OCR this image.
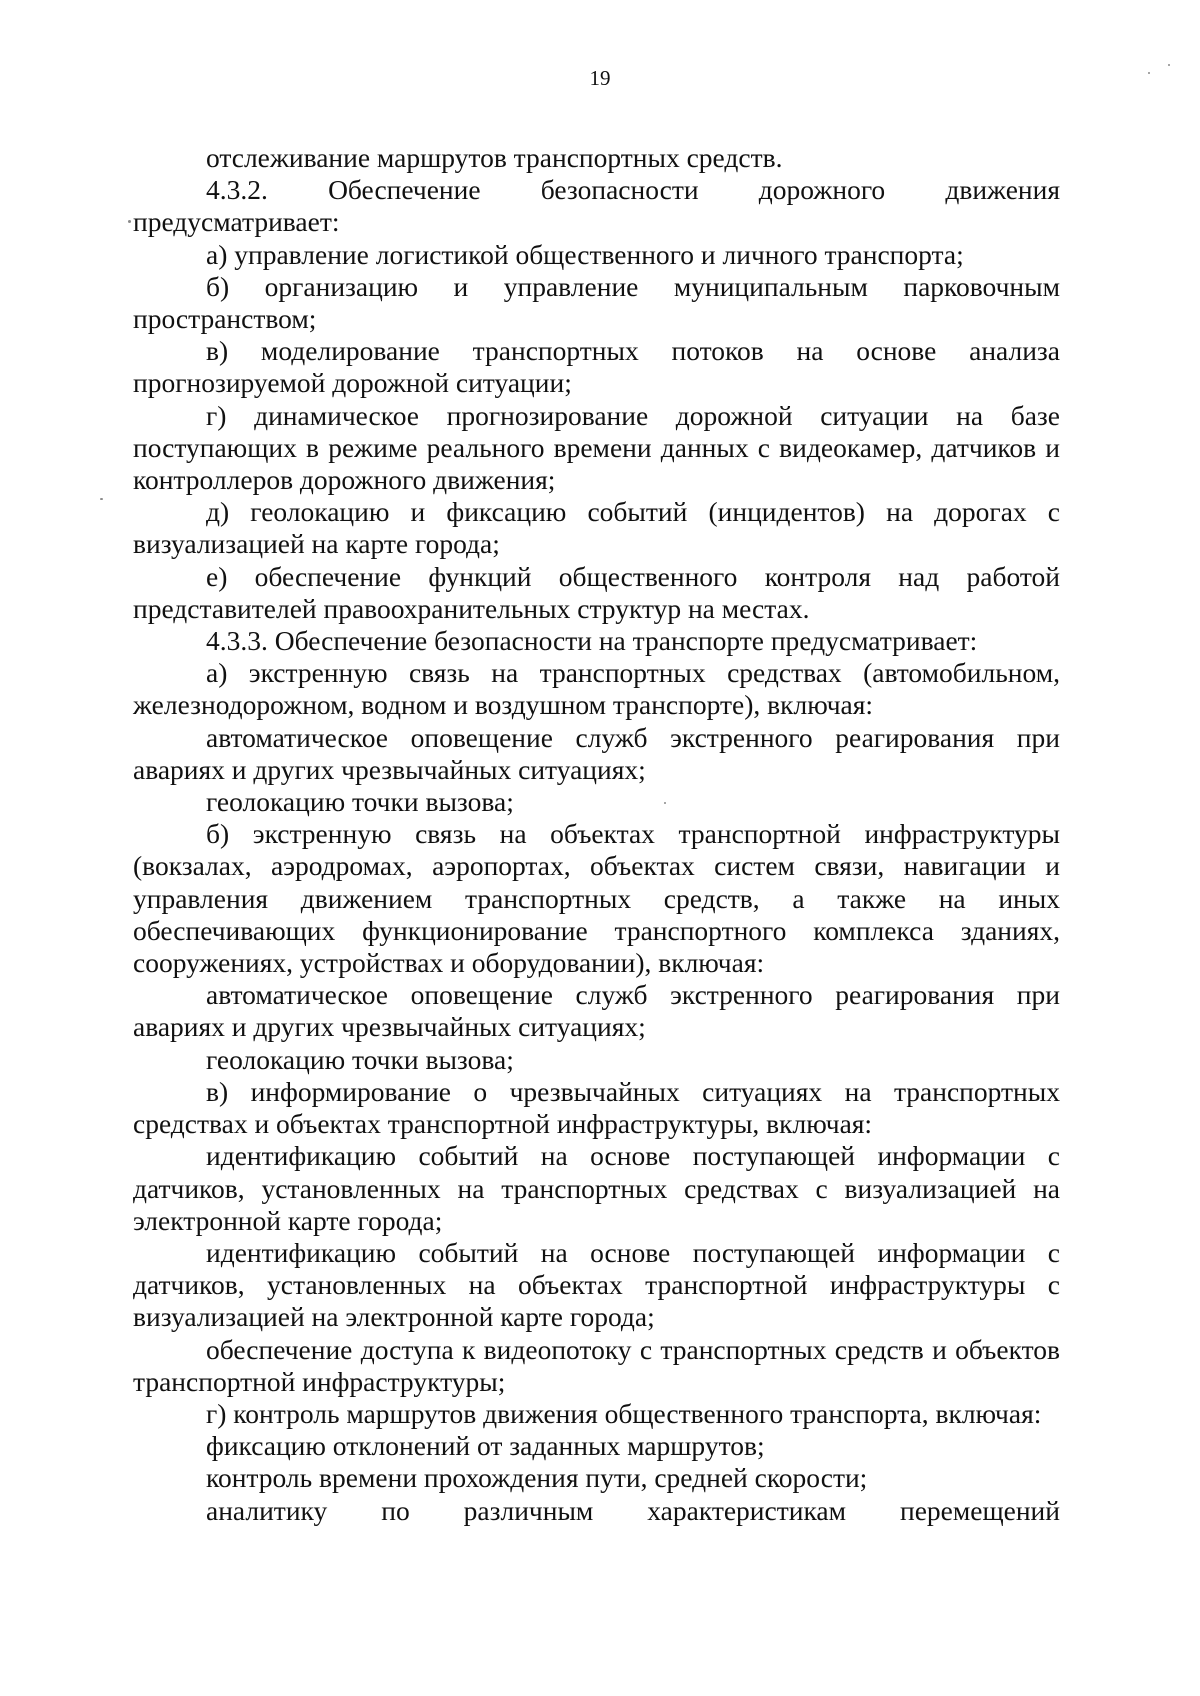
19

отслеживание маршрутов транспортных средств.

4.3.2. Обеспечение безопасности дорожного движения предусматривает:

а) управление логистикой общественного и личного транспорта;

б) организацию и управление муниципальным парковочным пространством;

в) моделирование транспортных потоков на основе анализа прогнозируемой дорожной ситуации;

г) динамическое прогнозирование дорожной ситуации на базе поступающих в режиме реального времени данных с видеокамер, датчиков и контроллеров дорожного движения;

д) геолокацию и фиксацию событий (инцидентов) на дорогах с визуализацией на карте города;

е) обеспечение функций общественного контроля над работой представителей правоохранительных структур на местах.

4.3.3. Обеспечение безопасности на транспорте предусматривает:

а) экстренную связь на транспортных средствах (автомобильном, железнодорожном, водном и воздушном транспорте), включая:

автоматическое оповещение служб экстренного реагирования при авариях и других чрезвычайных ситуациях;

геолокацию точки вызова;

б) экстренную связь на объектах транспортной инфраструктуры (вокзалах, аэродромах, аэропортах, объектах систем связи, навигации и управления движением транспортных средств, а также на иных обеспечивающих функционирование транспортного комплекса зданиях, сооружениях, устройствах и оборудовании), включая:

автоматическое оповещение служб экстренного реагирования при авариях и других чрезвычайных ситуациях;

геолокацию точки вызова;

в) информирование о чрезвычайных ситуациях на транспортных средствах и объектах транспортной инфраструктуры, включая:

идентификацию событий на основе поступающей информации с датчиков, установленных на транспортных средствах с визуализацией на электронной карте города;

идентификацию событий на основе поступающей информации с датчиков, установленных на объектах транспортной инфраструктуры с визуализацией на электронной карте города;

обеспечение доступа к видеопотоку с транспортных средств и объектов транспортной инфраструктуры;

г) контроль маршрутов движения общественного транспорта, включая:

фиксацию отклонений от заданных маршрутов;

контроль времени прохождения пути, средней скорости;

аналитику по различным характеристикам перемещений
